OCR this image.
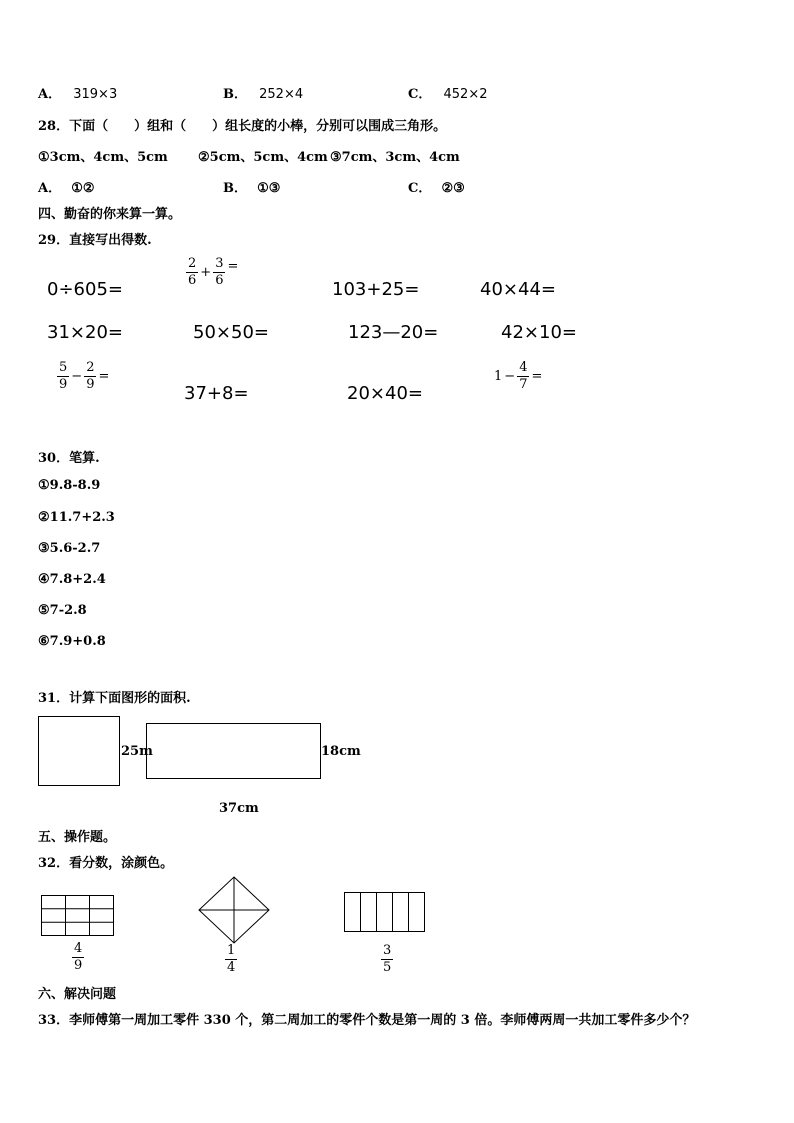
A． 319×3	B． 252×4	C． 452×2
28．下面（　　）组和（　　）组长度的小棒，分别可以围成三角形。
①3cm、4cm、5cm ②5cm、5cm、4cm ③7cm、3cm、4cm
A． ①②	B． ①③	C． ②③
四、勤奋的你来算一算。
29．直接写出得数.
$\frac{2}{6} + \frac{3}{6}$ =
0÷605=	103+25=	40×44=
31×20=	50×50=	123—20=	42×10=
$\frac{5}{9} - \frac{2}{9}$ =
37+8=	20×40=
$1 - \frac{4}{7}$ =
30．笔算.
①9.8-8.9
②11.7+2.3
③5.6-2.7
④7.8+2.4
⑤7-2.8
⑥7.9+0.8
31．计算下面图形的面积.
25m	18cm
37cm
五、操作题。
32．看分数，涂颜色。
$\frac{4}{9}$	$\frac{1}{4}$	$\frac{3}{5}$
六、解决问题
33．李师傅第一周加工零件 330 个，第二周加工的零件个数是第一周的 3 倍。李师傅两周一共加工零件多少个？
